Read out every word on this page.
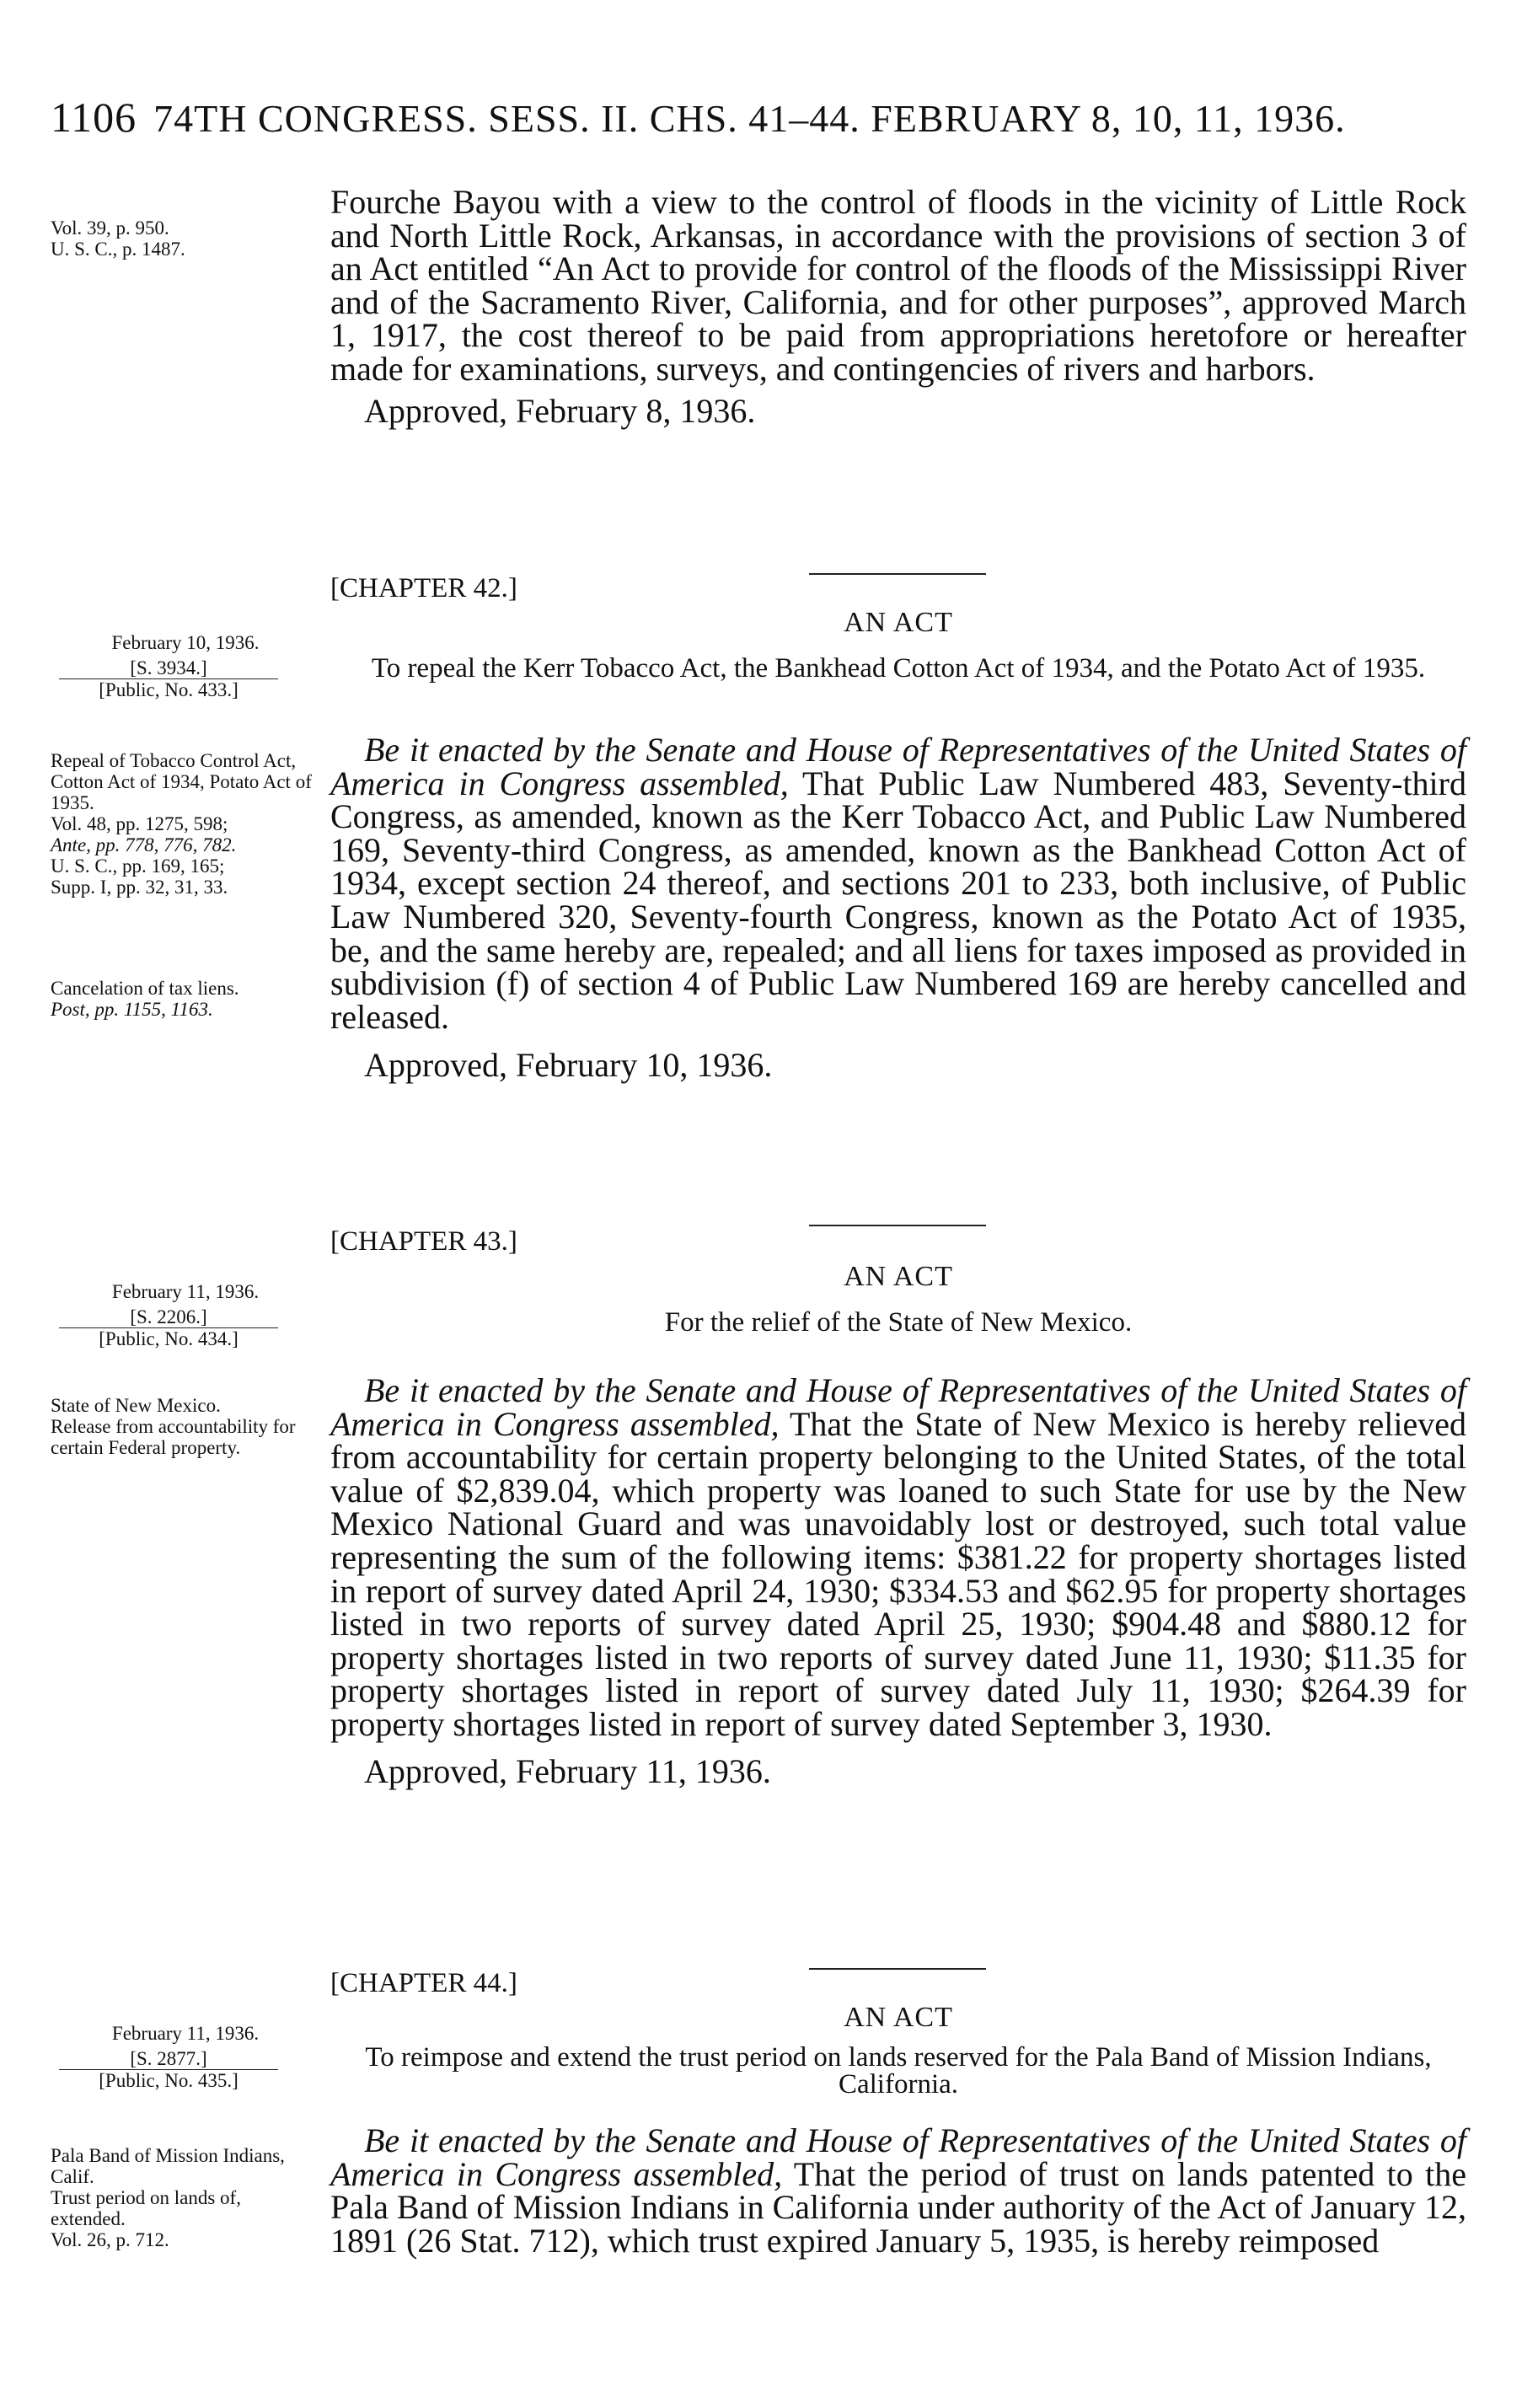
1106 74TH CONGRESS. SESS. II. CHS. 41–44. FEBRUARY 8, 10, 11, 1936.

Vol. 39, p. 950.

U. S. C., p. 1487.

Fourche Bayou with a view to the control of floods in the vicinity of Little Rock and North Little Rock, Arkansas, in accordance with the provisions of section 3 of an Act entitled “An Act to provide for control of the floods of the Mississippi River and of the Sacramento River, California, and for other purposes”, approved March 1, 1917, the cost thereof to be paid from appropriations heretofore or hereafter made for examinations, surveys, and contingencies of rivers and harbors.

Approved, February 8, 1936.

[CHAPTER 42.]

AN ACT

To repeal the Kerr Tobacco Act, the Bankhead Cotton Act of 1934, and the Potato Act of 1935.

February 10, 1936.

[S. 3934.]

[Public, No. 433.]

Repeal of Tobacco Control Act, Cotton Act of 1934, Potato Act of 1935.

Vol. 48, pp. 1275, 598;

Ante, pp. 778, 776, 782.

U. S. C., pp. 169, 165;

Supp. I, pp. 32, 31, 33.

Cancelation of tax liens.

Post, pp. 1155, 1163.

Be it enacted by the Senate and House of Representatives of the United States of America in Congress assembled, That Public Law Numbered 483, Seventy-third Congress, as amended, known as the Kerr Tobacco Act, and Public Law Numbered 169, Seventy-third Congress, as amended, known as the Bankhead Cotton Act of 1934, except section 24 thereof, and sections 201 to 233, both inclusive, of Public Law Numbered 320, Seventy-fourth Congress, known as the Potato Act of 1935, be, and the same hereby are, repealed; and all liens for taxes imposed as provided in subdivision (f) of section 4 of Public Law Numbered 169 are hereby cancelled and released.

Approved, February 10, 1936.

[CHAPTER 43.]

AN ACT

For the relief of the State of New Mexico.

February 11, 1936.

[S. 2206.]

[Public, No. 434.]

State of New Mexico.

Release from accountability for certain Federal property.

Be it enacted by the Senate and House of Representatives of the United States of America in Congress assembled, That the State of New Mexico is hereby relieved from accountability for certain property belonging to the United States, of the total value of $2,839.04, which property was loaned to such State for use by the New Mexico National Guard and was unavoidably lost or destroyed, such total value representing the sum of the following items: $381.22 for property shortages listed in report of survey dated April 24, 1930; $334.53 and $62.95 for property shortages listed in two reports of survey dated April 25, 1930; $904.48 and $880.12 for property shortages listed in two reports of survey dated June 11, 1930; $11.35 for property shortages listed in report of survey dated July 11, 1930; $264.39 for property shortages listed in report of survey dated September 3, 1930.

Approved, February 11, 1936.

[CHAPTER 44.]

AN ACT

To reimpose and extend the trust period on lands reserved for the Pala Band of Mission Indians, California.

February 11, 1936.

[S. 2877.]

[Public, No. 435.]

Pala Band of Mission Indians, Calif.

Trust period on lands of, extended.

Vol. 26, p. 712.

Be it enacted by the Senate and House of Representatives of the United States of America in Congress assembled, That the period of trust on lands patented to the Pala Band of Mission Indians in California under authority of the Act of January 12, 1891 (26 Stat. 712), which trust expired January 5, 1935, is hereby reimposed
